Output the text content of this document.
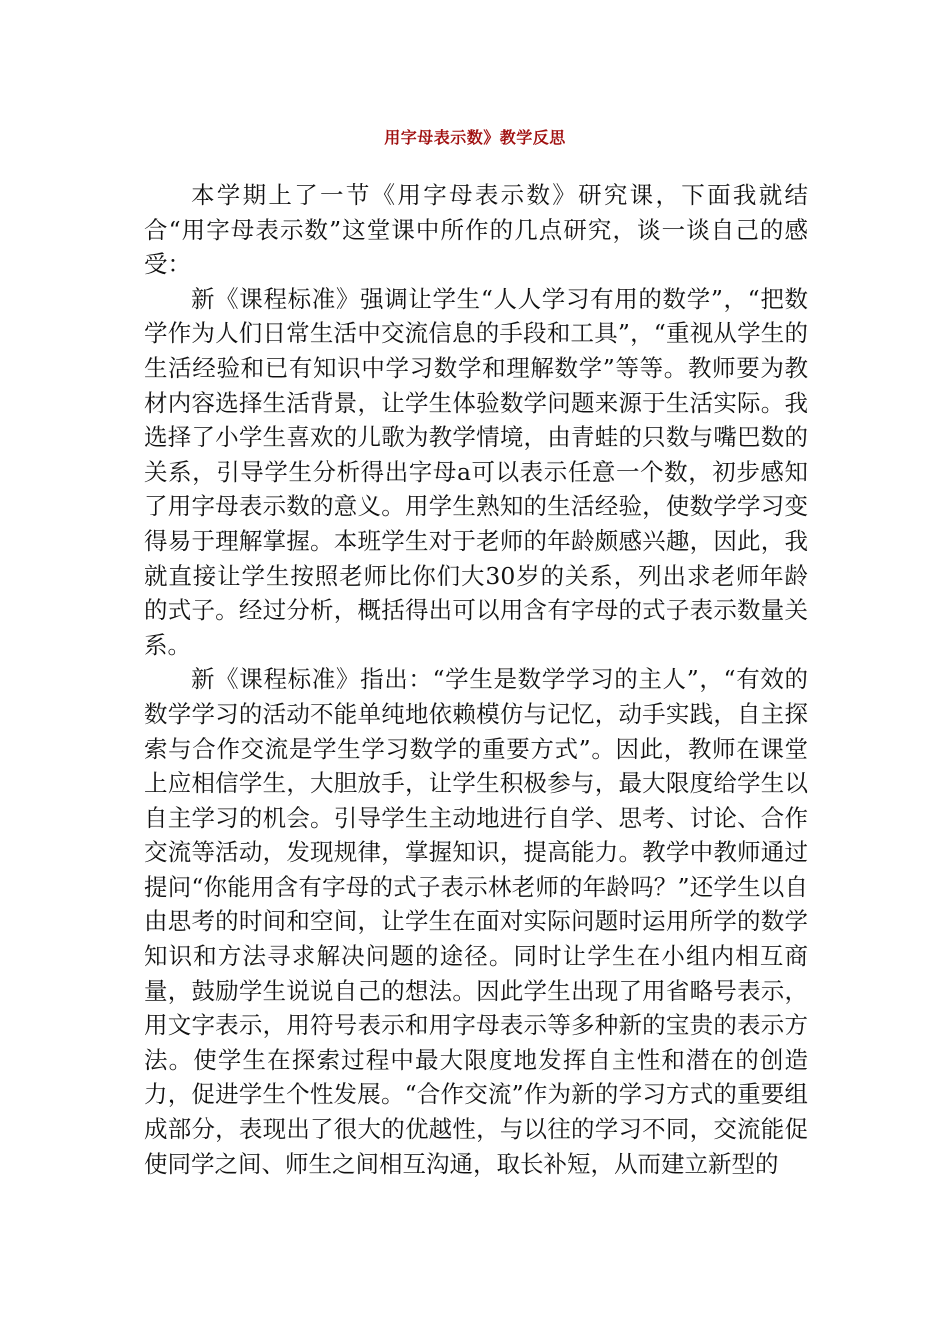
用字母表示数》教学反思

本学期上了一节《用字母表示数》研究课，下面我就结合“用字母表示数”这堂课中所作的几点研究，谈一谈自己的感受：

新《课程标准》强调让学生“人人学习有用的数学”，“把数学作为人们日常生活中交流信息的手段和工具”，“重视从学生的生活经验和已有知识中学习数学和理解数学”等等。教师要为教材内容选择生活背景，让学生体验数学问题来源于生活实际。我选择了小学生喜欢的儿歌为教学情境，由青蛙的只数与嘴巴数的关系，引导学生分析得出字母a可以表示任意一个数，初步感知了用字母表示数的意义。用学生熟知的生活经验，使数学学习变得易于理解掌握。本班学生对于老师的年龄颇感兴趣，因此，我就直接让学生按照老师比你们大30岁的关系，列出求老师年龄的式子。经过分析，概括得出可以用含有字母的式子表示数量关系。

新《课程标准》指出：“学生是数学学习的主人”，“有效的数学学习的活动不能单纯地依赖模仿与记忆，动手实践，自主探索与合作交流是学生学习数学的重要方式”。因此，教师在课堂上应相信学生，大胆放手，让学生积极参与，最大限度给学生以自主学习的机会。引导学生主动地进行自学、思考、讨论、合作交流等活动，发现规律，掌握知识，提高能力。教学中教师通过提问“你能用含有字母的式子表示林老师的年龄吗？”还学生以自由思考的时间和空间，让学生在面对实际问题时运用所学的数学知识和方法寻求解决问题的途径。同时让学生在小组内相互商量，鼓励学生说说自己的想法。因此学生出现了用省略号表示，用文字表示，用符号表示和用字母表示等多种新的宝贵的表示方法。使学生在探索过程中最大限度地发挥自主性和潜在的创造力，促进学生个性发展。“合作交流”作为新的学习方式的重要组成部分，表现出了很大的优越性，与以往的学习不同，交流能促使同学之间、师生之间相互沟通，取长补短，从而建立新型的
